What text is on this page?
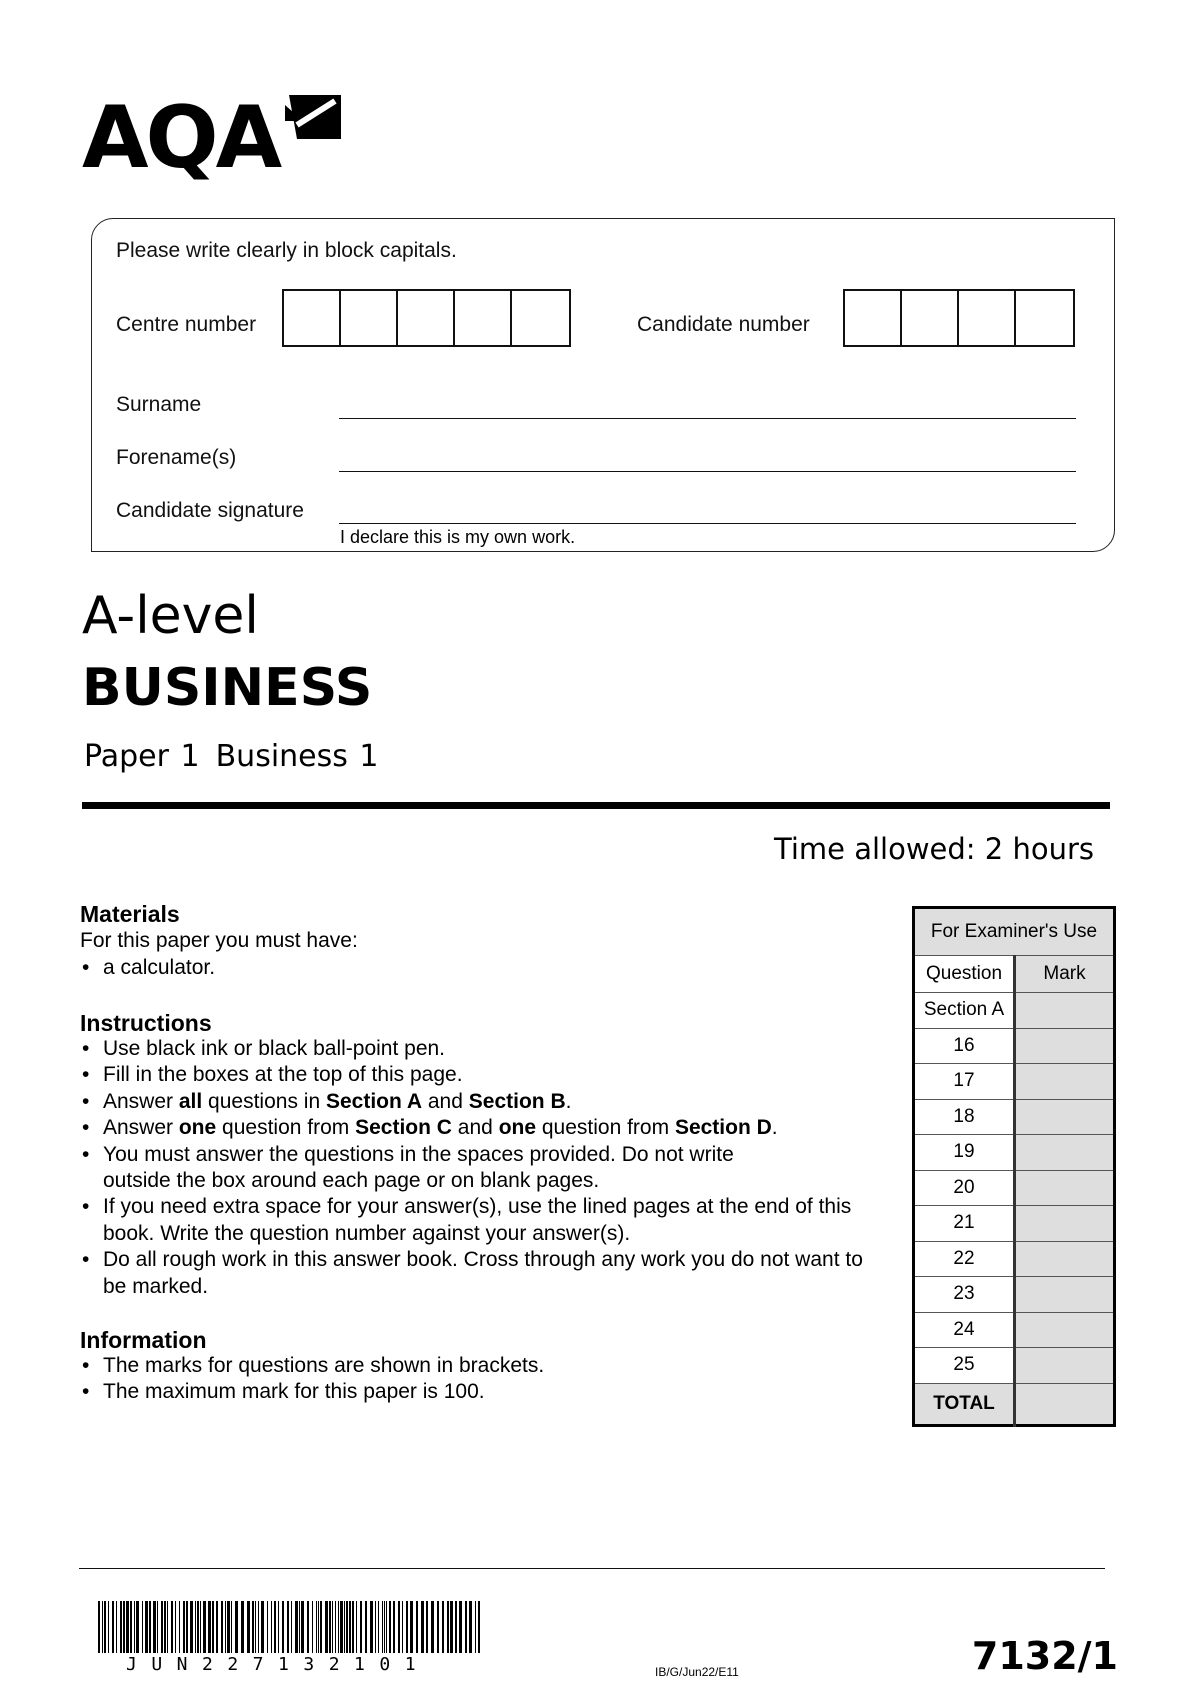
AQA
Please write clearly in block capitals.
Centre number	Candidate number
Surname
Forename(s)
Candidate signature
I declare this is my own work.
A-level
BUSINESS
Paper 1 Business 1
Time allowed: 2 hours
Materials
For this paper you must have:
• a calculator.
Instructions
• Use black ink or black ball-point pen.
• Fill in the boxes at the top of this page.
• Answer all questions in Section A and Section B.
• Answer one question from Section C and one question from Section D.
• You must answer the questions in the spaces provided. Do not write outside the box around each page or on blank pages.
• If you need extra space for your answer(s), use the lined pages at the end of this book. Write the question number against your answer(s).
• Do all rough work in this answer book. Cross through any work you do not want to be marked.
Information
• The marks for questions are shown in brackets.
• The maximum mark for this paper is 100.
For Examiner's Use	
Question	Mark
Section A	
16	
17	
18	
19	
20	
21	
22	
23	
24	
25	
TOTAL	
JUN227132101	IB/G/Jun22/E11	7132/1
